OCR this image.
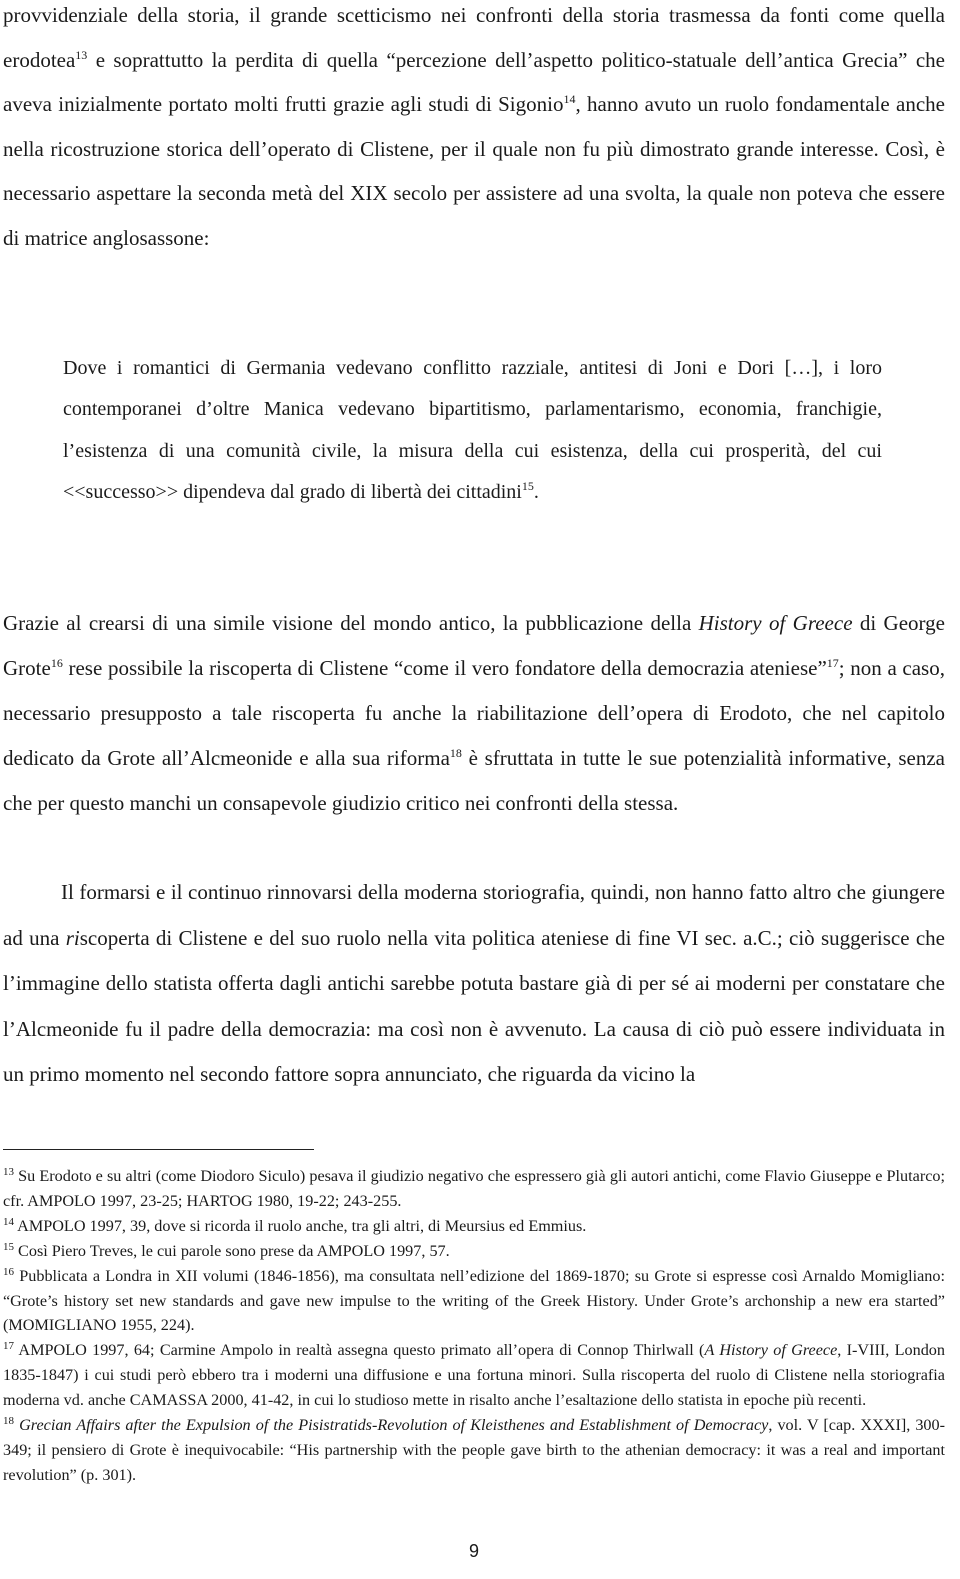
provvidenziale della storia, il grande scetticismo nei confronti della storia trasmessa da fonti come quella erodotea$^{13}$ e soprattutto la perdita di quella “percezione dell’aspetto politico-statuale dell’antica Grecia” che aveva inizialmente portato molti frutti grazie agli studi di Sigonio$^{14}$, hanno avuto un ruolo fondamentale anche nella ricostruzione storica dell’operato di Clistene, per il quale non fu più dimostrato grande interesse. Così, è necessario aspettare la seconda metà del XIX secolo per assistere ad una svolta, la quale non poteva che essere di matrice anglosassone:

Dove i romantici di Germania vedevano conflitto razziale, antitesi di Joni e Dori […], i loro contemporanei d’oltre Manica vedevano bipartitismo, parlamentarismo, economia, franchigie, l’esistenza di una comunità civile, la misura della cui esistenza, della cui prosperità, del cui <<successo>> dipendeva dal grado di libertà dei cittadini$^{15}$.

Grazie al crearsi di una simile visione del mondo antico, la pubblicazione della History of Greece di George Grote$^{16}$ rese possibile la riscoperta di Clistene “come il vero fondatore della democrazia ateniese”$^{17}$; non a caso, necessario presupposto a tale riscoperta fu anche la riabilitazione dell’opera di Erodoto, che nel capitolo dedicato da Grote all’Alcmeonide e alla sua riforma$^{18}$ è sfruttata in tutte le sue potenzialità informative, senza che per questo manchi un consapevole giudizio critico nei confronti della stessa.

Il formarsi e il continuo rinnovarsi della moderna storiografia, quindi, non hanno fatto altro che giungere ad una riscoperta di Clistene e del suo ruolo nella vita politica ateniese di fine VI sec. a.C.; ciò suggerisce che l’immagine dello statista offerta dagli antichi sarebbe potuta bastare già di per sé ai moderni per constatare che l’Alcmeonide fu il padre della democrazia: ma così non è avvenuto. La causa di ciò può essere individuata in un primo momento nel secondo fattore sopra annunciato, che riguarda da vicino la

$^{13}$ Su Erodoto e su altri (come Diodoro Siculo) pesava il giudizio negativo che espressero già gli autori antichi, come Flavio Giuseppe e Plutarco; cfr. AMPOLO 1997, 23-25; HARTOG 1980, 19-22; 243-255.

$^{14}$ AMPOLO 1997, 39, dove si ricorda il ruolo anche, tra gli altri, di Meursius ed Emmius.

$^{15}$ Così Piero Treves, le cui parole sono prese da AMPOLO 1997, 57.

$^{16}$ Pubblicata a Londra in XII volumi (1846-1856), ma consultata nell’edizione del 1869-1870; su Grote si espresse così Arnaldo Momigliano: “Grote’s history set new standards and gave new impulse to the writing of the Greek History. Under Grote’s archonship a new era started” (MOMIGLIANO 1955, 224).

$^{17}$ AMPOLO 1997, 64; Carmine Ampolo in realtà assegna questo primato all’opera di Connop Thirlwall (A History of Greece, I-VIII, London 1835-1847) i cui studi però ebbero tra i moderni una diffusione e una fortuna minori. Sulla riscoperta del ruolo di Clistene nella storiografia moderna vd. anche CAMASSA 2000, 41-42, in cui lo studioso mette in risalto anche l’esaltazione dello statista in epoche più recenti.

$^{18}$ Grecian Affairs after the Expulsion of the Pisistratids-Revolution of Kleisthenes and Establishment of Democracy, vol. V [cap. XXXI], 300-349; il pensiero di Grote è inequivocabile: “His partnership with the people gave birth to the athenian democracy: it was a real and important revolution” (p. 301).

9
